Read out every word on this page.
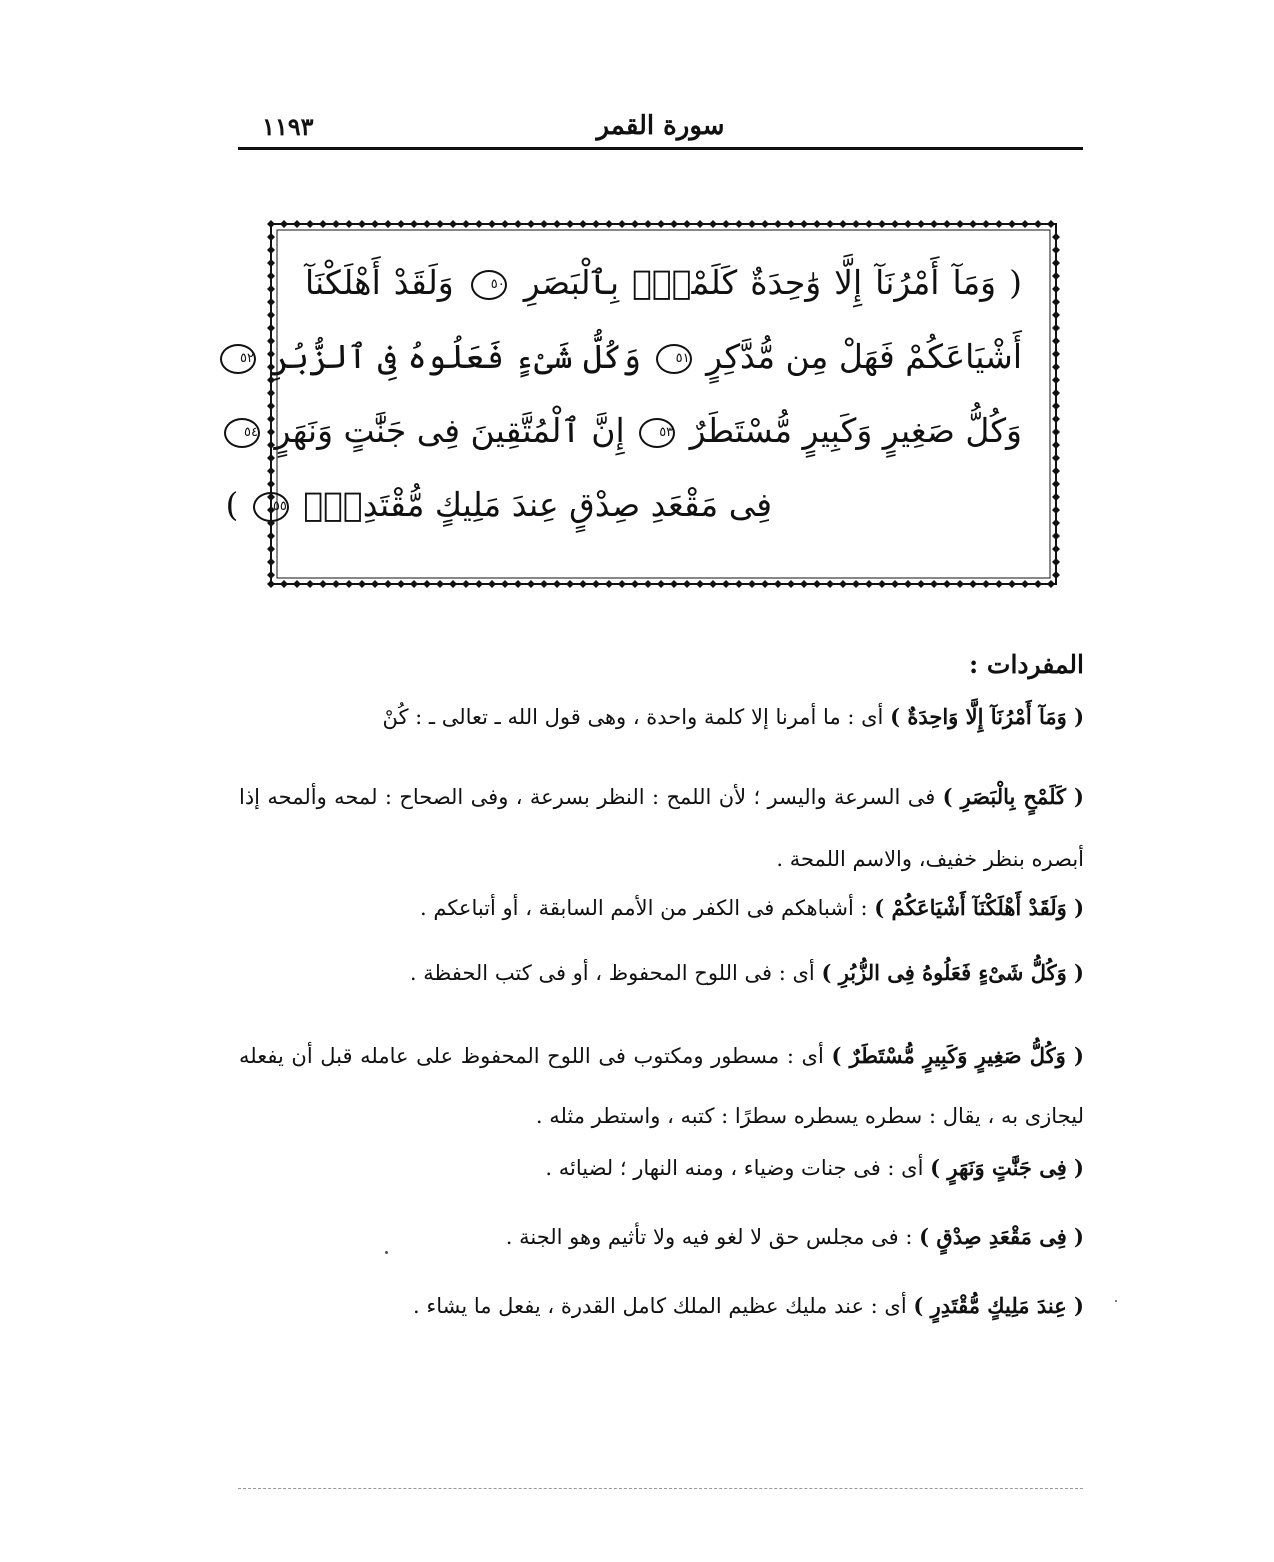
سورة القمر
١١٩٣
( وَمَآ أَمْرُنَآ إِلَّا وَٰحِدَةٌ كَلَمْحٍۭ بِٱلْبَصَرِ ٥٠ وَلَقَدْ أَهْلَكْنَآ
أَشْيَاعَكُمْ فَهَلْ مِن مُّدَّكِرٍ ٥١ وَكُلُّ شَىْءٍ فَعَلُوهُ فِى ٱلزُّبُرِ ٥٢
وَكُلُّ صَغِيرٍ وَكَبِيرٍ مُّسْتَطَرٌ ٥٣ إِنَّ ٱلْمُتَّقِينَ فِى جَنَّٰتٍ وَنَهَرٍ ٥٤
فِى مَقْعَدِ صِدْقٍ عِندَ مَلِيكٍ مُّقْتَدِرٍۭ ٥٥ )
المفردات :
( وَمَآ أَمْرُنَآ إِلَّا وَاحِدَةٌ ) أى : ما أمرنا إلا كلمة واحدة ، وهى قول الله ـ تعالى ـ : كُنْ
( كَلَمْحٍ بِالْبَصَرِ ) فى السرعة واليسر ؛ لأن اللمح : النظر بسرعة ، وفى الصحاح : لمحه وألمحه إذا أبصره بنظر خفيف، والاسم اللمحة .
( وَلَقَدْ أَهْلَكْنَآ أَشْيَاعَكُمْ ) : أشباهكم فى الكفر من الأمم السابقة ، أو أتباعكم .
( وَكُلُّ شَىْءٍ فَعَلُوهُ فِى الزُّبُرِ ) أى : فى اللوح المحفوظ ، أو فى كتب الحفظة .
( وَكُلُّ صَغِيرٍ وَكَبِيرٍ مُّسْتَطَرٌ ) أى : مسطور ومكتوب فى اللوح المحفوظ على عامله قبل أن يفعله ليجازى به ، يقال : سطره يسطره سطرًا : كتبه ، واستطر مثله .
( فِى جَنَّٰتٍ وَنَهَرٍ ) أى : فى جنات وضياء ، ومنه النهار ؛ لضيائه .
( فِى مَقْعَدِ صِدْقٍ ) : فى مجلس حق لا لغو فيه ولا تأثيم وهو الجنة .
( عِندَ مَلِيكٍ مُّقْتَدِرٍ ) أى : عند مليك عظيم الملك كامل القدرة ، يفعل ما يشاء .
